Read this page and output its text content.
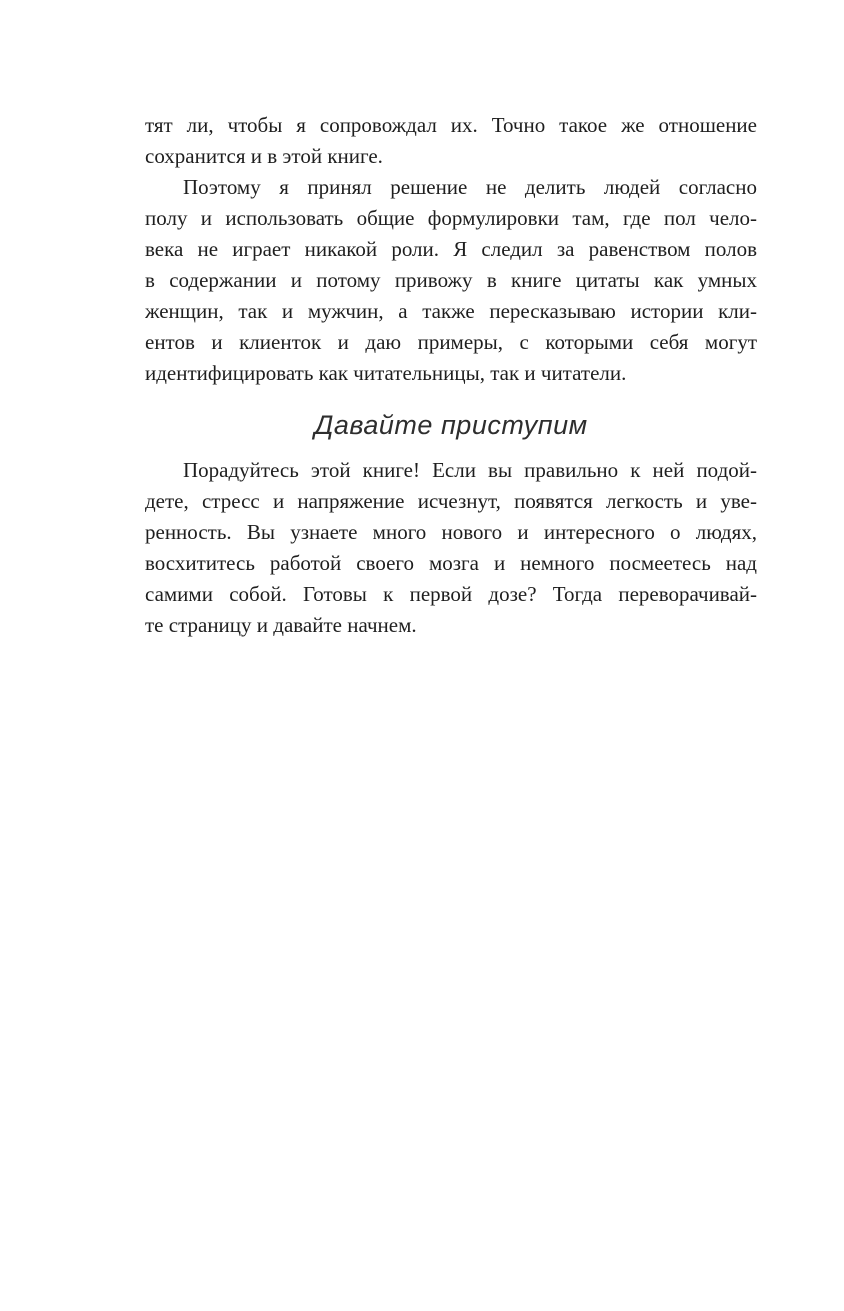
тят ли, чтобы я сопровождал их. Точно такое же отношение
сохранится и в этой книге.
Поэтому я принял решение не делить людей согласно
полу и использовать общие формулировки там, где пол чело-
века не играет никакой роли. Я следил за равенством полов
в содержании и потому привожу в книге цитаты как умных
женщин, так и мужчин, а также пересказываю истории кли-
ентов и клиенток и даю примеры, с которыми себя могут
идентифицировать как читательницы, так и читатели.
Давайте приступим
Порадуйтесь этой книге! Если вы правильно к ней подой-
дете, стресс и напряжение исчезнут, появятся легкость и уве-
ренность. Вы узнаете много нового и интересного о людях,
восхититесь работой своего мозга и немного посмеетесь над
самими собой. Готовы к первой дозе? Тогда переворачивай-
те страницу и давайте начнем.
